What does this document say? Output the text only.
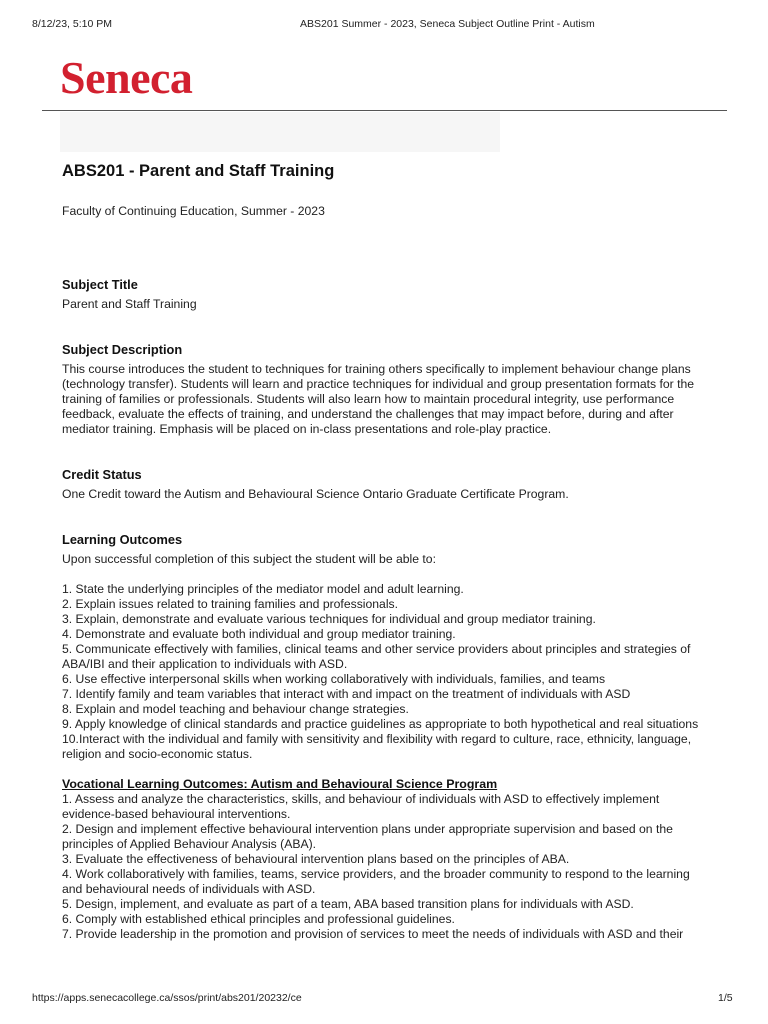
8/12/23, 5:10 PM	ABS201 Summer - 2023, Seneca Subject Outline Print - Autism
Seneca
ABS201 - Parent and Staff Training

Faculty of Continuing Education, Summer - 2023

Subject Title

Parent and Staff Training

Subject Description

This course introduces the student to techniques for training others specifically to implement behaviour change plans (technology transfer). Students will learn and practice techniques for individual and group presentation formats for the training of families or professionals. Students will also learn how to maintain procedural integrity, use performance feedback, evaluate the effects of training, and understand the challenges that may impact before, during and after mediator training. Emphasis will be placed on in-class presentations and role-play practice.

Credit Status

One Credit toward the Autism and Behavioural Science Ontario Graduate Certificate Program.

Learning Outcomes

Upon successful completion of this subject the student will be able to:

1. State the underlying principles of the mediator model and adult learning.
2. Explain issues related to training families and professionals.
3. Explain, demonstrate and evaluate various techniques for individual and group mediator training.
4. Demonstrate and evaluate both individual and group mediator training.
5. Communicate effectively with families, clinical teams and other service providers about principles and strategies of ABA/IBI and their application to individuals with ASD.
6. Use effective interpersonal skills when working collaboratively with individuals, families, and teams
7. Identify family and team variables that interact with and impact on the treatment of individuals with ASD
8. Explain and model teaching and behaviour change strategies.
9. Apply knowledge of clinical standards and practice guidelines as appropriate to both hypothetical and real situations
10.Interact with the individual and family with sensitivity and flexibility with regard to culture, race, ethnicity, language, religion and socio-economic status.
Vocational Learning Outcomes: Autism and Behavioural Science Program
1. Assess and analyze the characteristics, skills, and behaviour of individuals with ASD to effectively implement evidence-based behavioural interventions.
2. Design and implement effective behavioural intervention plans under appropriate supervision and based on the principles of Applied Behaviour Analysis (ABA).
3. Evaluate the effectiveness of behavioural intervention plans based on the principles of ABA.
4. Work collaboratively with families, teams, service providers, and the broader community to respond to the learning and behavioural needs of individuals with ASD.
5. Design, implement, and evaluate as part of a team, ABA based transition plans for individuals with ASD.
6. Comply with established ethical principles and professional guidelines.
7. Provide leadership in the promotion and provision of services to meet the needs of individuals with ASD and their
https://apps.senecacollege.ca/ssos/print/abs201/20232/ce	1/5
